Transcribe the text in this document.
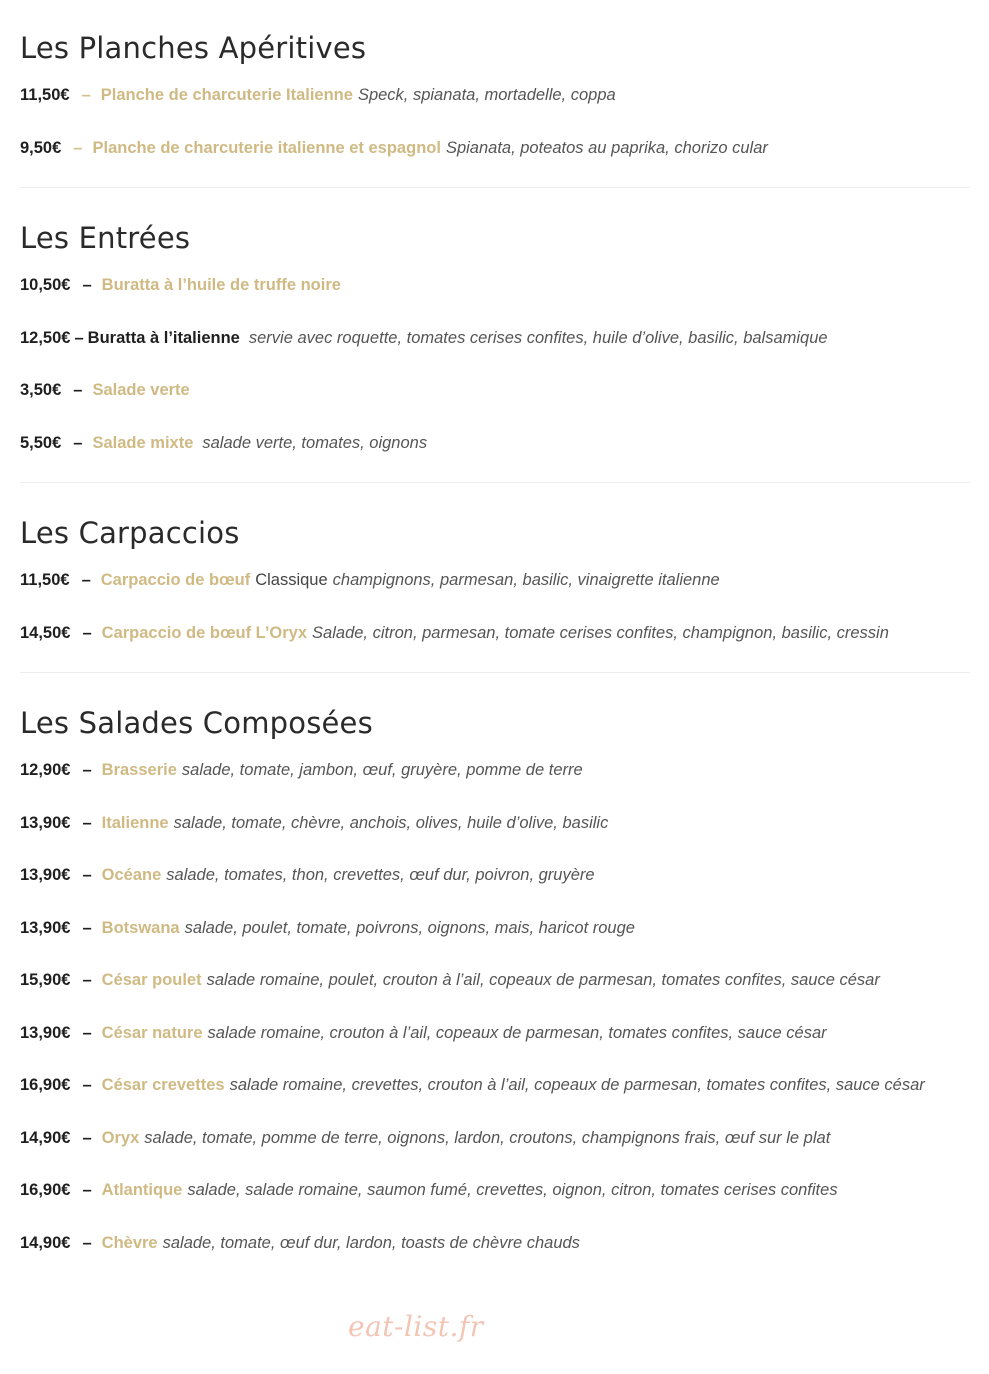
Les Planches Apéritives
11,50€ – Planche de charcuterie Italienne Speck, spianata, mortadelle, coppa
9,50€ – Planche de charcuterie italienne et espagnol Spianata, poteatos au paprika, chorizo cular
Les Entrées
10,50€ – Buratta à l’huile de truffe noire
12,50€ – Buratta à l’italienne servie avec roquette, tomates cerises confites, huile d’olive, basilic, balsamique
3,50€ – Salade verte
5,50€ – Salade mixte salade verte, tomates, oignons
Les Carpaccios
11,50€ – Carpaccio de bœuf Classique champignons, parmesan, basilic, vinaigrette italienne
14,50€ – Carpaccio de bœuf L’Oryx Salade, citron, parmesan, tomate cerises confites, champignon, basilic, cressin
Les Salades Composées
12,90€ – Brasserie salade, tomate, jambon, œuf, gruyère, pomme de terre
13,90€ – Italienne salade, tomate, chèvre, anchois, olives, huile d’olive, basilic
13,90€ – Océane salade, tomates, thon, crevettes, œuf dur, poivron, gruyère
13,90€ – Botswana salade, poulet, tomate, poivrons, oignons, mais, haricot rouge
15,90€ – César poulet salade romaine, poulet, crouton à l’ail, copeaux de parmesan, tomates confites, sauce césar
13,90€ – César nature salade romaine, crouton à l’ail, copeaux de parmesan, tomates confites, sauce césar
16,90€ – César crevettes salade romaine, crevettes, crouton à l’ail, copeaux de parmesan, tomates confites, sauce césar
14,90€ – Oryx salade, tomate, pomme de terre, oignons, lardon, croutons, champignons frais, œuf sur le plat
16,90€ – Atlantique salade, salade romaine, saumon fumé, crevettes, oignon, citron, tomates cerises confites
14,90€ – Chèvre salade, tomate, œuf dur, lardon, toasts de chèvre chauds
eat-list.fr
